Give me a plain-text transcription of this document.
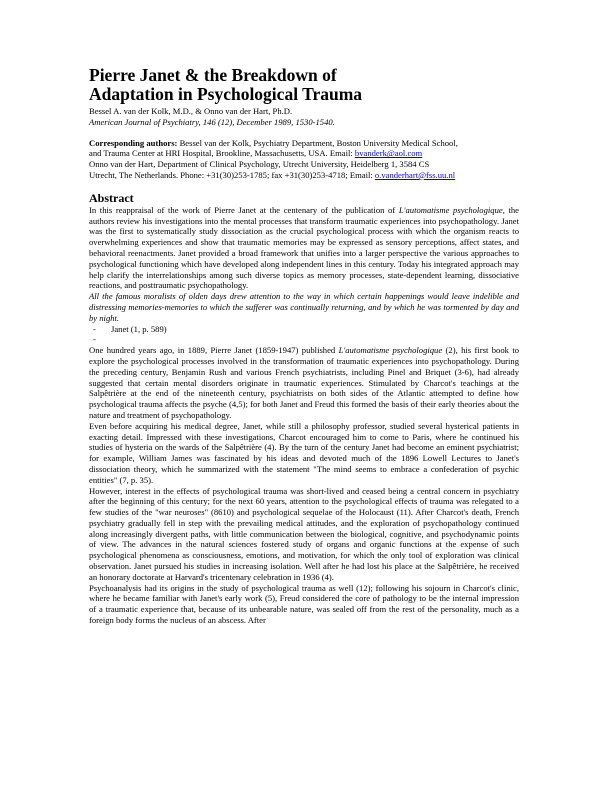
Pierre Janet & the Breakdown of
Adaptation in Psychological Trauma
Bessel A. van der Kolk, M.D., & Onno van der Hart, Ph.D.
American Journal of Psychiatry, 146 (12), December 1989, 1530-1540.
Corresponding authors: Bessel van der Kolk, Psychiatry Department, Boston University Medical School,
and Trauma Center at HRI Hospital, Brookline, Massachusetts, USA. Email: bvanderk@aol.com
Onno van der Hart, Department of Clinical Psychology, Utrecht University, Heidelberg 1, 3584 CS
Utrecht, The Netherlands. Phone: +31(30)253-1785; fax +31(30)253-4718; Email: o.vanderhart@fss.uu.nl
Abstract

In this reappraisal of the work of Pierre Janet at the centenary of the publication of L'automatisme psychologique, the authors review his investigations into the mental processes that transform traumatic experiences into psychopathology. Janet was the first to systematically study dissociation as the crucial psychological process with which the organism reacts to overwhelming experiences and show that traumatic memories may be expressed as sensory perceptions, affect states, and behavioral reenactments. Janet provided a broad framework that unifies into a larger perspective the various approaches to psychological functioning which have developed along independent lines in this century. Today his integrated approach may help clarify the interrelationships among such diverse topics as memory processes, state-dependent learning, dissociative reactions, and posttraumatic psychopathology.

All the famous moralists of olden days drew attention to the way in which certain happenings would leave indelible and distressing memories-memories to which the sufferer was continually returning, and by which he was tormented by day and by night.

-	Janet (1, p. 589)
-

One hundred years ago, in 1889, Pierre Janet (1859-1947) published L'automatisme psychologique (2), his first book to explore the psychological processes involved in the transformation of traumatic experiences into psychopathology. During the preceding century, Benjamin Rush and various French psychiatrists, including Pinel and Briquet (3-6), had already suggested that certain mental disorders originate in traumatic experiences. Stimulated by Charcot's teachings at the Salpêtrière at the end of the nineteenth century, psychiatrists on both sides of the Atlantic attempted to define how psychological trauma affects the psyche (4,5); for both Janet and Freud this formed the basis of their early theories about the nature and treatment of psychopathology.

Even before acquiring his medical degree, Janet, while still a philosophy professor, studied several hysterical patients in exacting detail. Impressed with these investigations, Charcot encouraged him to come to Paris, where he continued his studies of hysteria on the wards of the Salpêtrière (4). By the turn of the century Janet had become an eminent psychiatrist; for example, William James was fascinated by his ideas and devoted much of the 1896 Lowell Lectures to Janet's dissociation theory, which he summarized with the statement "The mind seems to embrace a confederation of psychic entities" (7, p. 35).

However, interest in the effects of psychological trauma was short-lived and ceased being a central concern in psychiatry after the beginning of this century; for the next 60 years, attention to the psychological effects of trauma was relegated to a few studies of the "war neuroses" (8610) and psychological sequelae of the Holocaust (11). After Charcot's death, French psychiatry gradually fell in step with the prevailing medical attitudes, and the exploration of psychopathology continued along increasingly divergent paths, with little communication between the biological, cognitive, and psychodynamic points of view. The advances in the natural sciences fostered study of organs and organic functions at the expense of such psychological phenomena as consciousness, emotions, and motivation, for which the only tool of exploration was clinical observation. Janet pursued his studies in increasing isolation. Well after he had lost his place at the Salpêtrière, he received an honorary doctorate at Harvard's tricentenary celebration in 1936 (4).

Psychoanalysis had its origins in the study of psychological trauma as well (12); following his sojourn in Charcot's clinic, where he became familiar with Janet's early work (5), Freud considered the core of pathology to be the internal impression of a traumatic experience that, because of its unbearable nature, was sealed off from the rest of the personality, much as a foreign body forms the nucleus of an abscess. After
